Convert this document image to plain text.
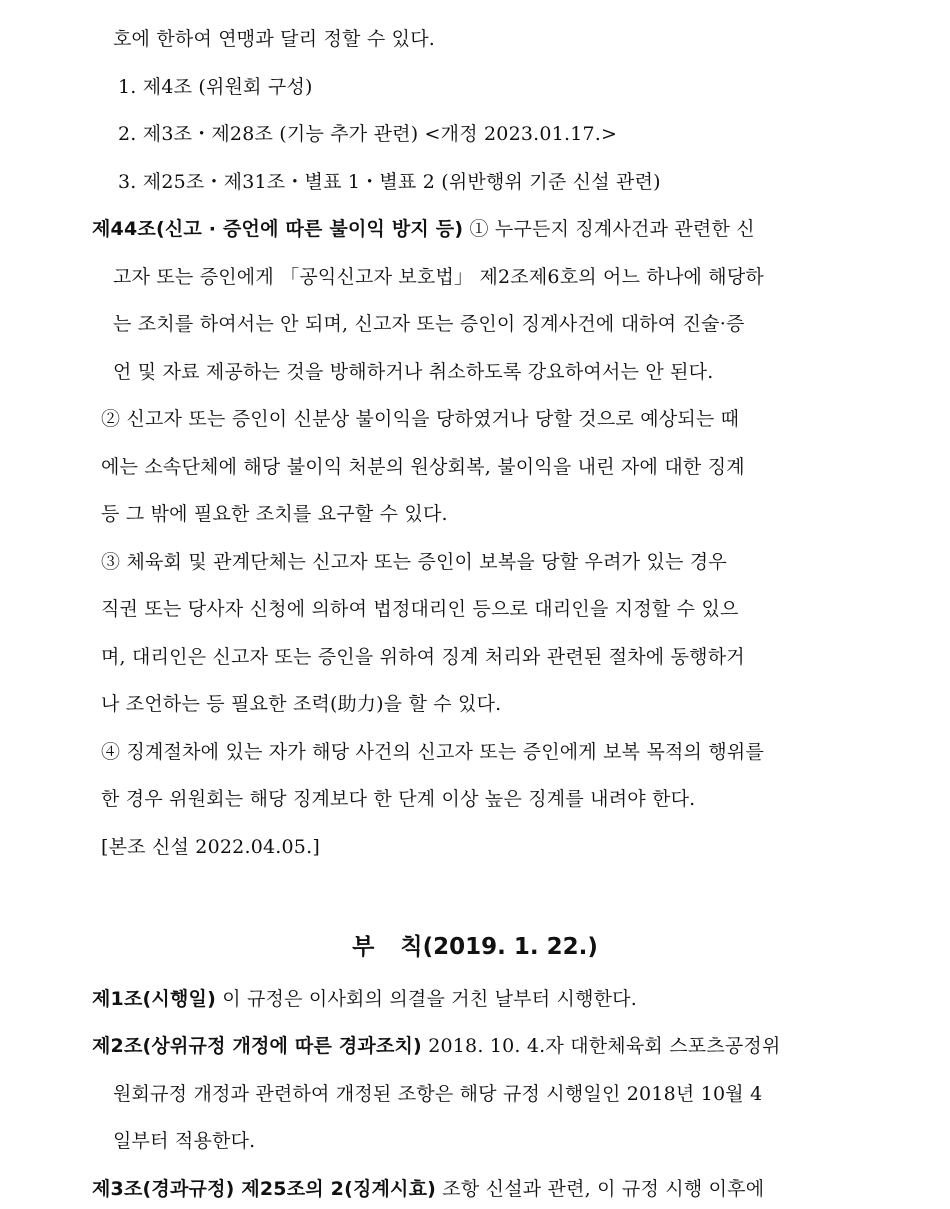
호에 한하여 연맹과 달리 정할 수 있다.
1. 제4조 (위원회 구성)
2. 제3조・제28조 (기능 추가 관련) <개정 2023.01.17.>
3. 제25조・제31조・별표 1・별표 2 (위반행위 기준 신설 관련)
제44조(신고 · 증언에 따른 불이익 방지 등) ① 누구든지 징계사건과 관련한 신
고자 또는 증인에게 「공익신고자 보호법」 제2조제6호의 어느 하나에 해당하
는 조치를 하여서는 안 되며, 신고자 또는 증인이 징계사건에 대하여 진술·증
언 및 자료 제공하는 것을 방해하거나 취소하도록 강요하여서는 안 된다.
② 신고자 또는 증인이 신분상 불이익을 당하였거나 당할 것으로 예상되는 때
에는 소속단체에 해당 불이익 처분의 원상회복, 불이익을 내린 자에 대한 징계
등 그 밖에 필요한 조치를 요구할 수 있다.
③ 체육회 및 관계단체는 신고자 또는 증인이 보복을 당할 우려가 있는 경우
직권 또는 당사자 신청에 의하여 법정대리인 등으로 대리인을 지정할 수 있으
며, 대리인은 신고자 또는 증인을 위하여 징계 처리와 관련된 절차에 동행하거
나 조언하는 등 필요한 조력(助力)을 할 수 있다.
④ 징계절차에 있는 자가 해당 사건의 신고자 또는 증인에게 보복 목적의 행위를
한 경우 위원회는 해당 징계보다 한 단계 이상 높은 징계를 내려야 한다.
[본조 신설 2022.04.05.]
부 칙(2019. 1. 22.)
제1조(시행일) 이 규정은 이사회의 의결을 거친 날부터 시행한다.
제2조(상위규정 개정에 따른 경과조치) 2018. 10. 4.자 대한체육회 스포츠공정위
원회규정 개정과 관련하여 개정된 조항은 해당 규정 시행일인 2018년 10월 4
일부터 적용한다.
제3조(경과규정) 제25조의 2(징계시효) 조항 신설과 관련, 이 규정 시행 이후에
